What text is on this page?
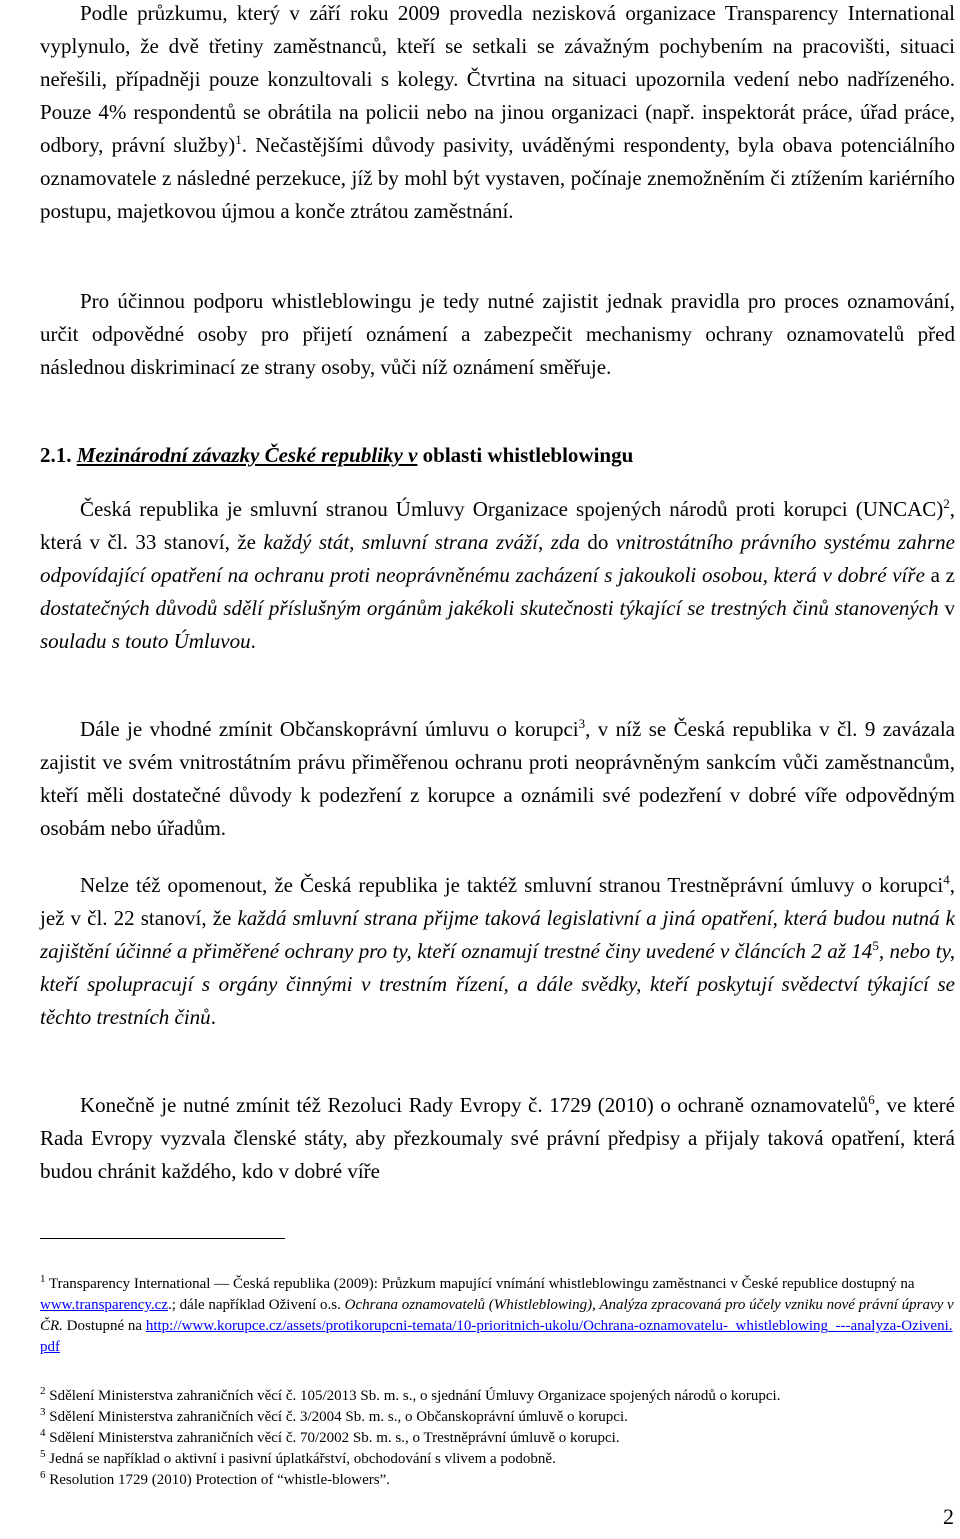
Podle průzkumu, který v září roku 2009 provedla nezisková organizace Transparency International vyplynulo, že dvě třetiny zaměstnanců, kteří se setkali se závažným pochybením na pracovišti, situaci neřešili, případněji pouze konzultovali s kolegy. Čtvrtina na situaci upozornila vedení nebo nadřízeného. Pouze 4% respondentů se obrátila na policii nebo na jinou organizaci (např. inspektorát práce, úřad práce, odbory, právní služby)$^1$. Nečastějšími důvody pasivity, uváděnými respondenty, byla obava potenciálního oznamovatele z následné perzekuce, jíž by mohl být vystaven, počínaje znemožněním či ztížením kariérního postupu, majetkovou újmou a konče ztrátou zaměstnání.

Pro účinnou podporu whistleblowingu je tedy nutné zajistit jednak pravidla pro proces oznamování, určit odpovědné osoby pro přijetí oznámení a zabezpečit mechanismy ochrany oznamovatelů před následnou diskriminací ze strany osoby, vůči níž oznámení směřuje.

2.1. Mezinárodní závazky České republiky v oblasti whistleblowingu

Česká republika je smluvní stranou Úmluvy Organizace spojených národů proti korupci (UNCAC)$^2$, která v čl. 33 stanoví, že každý stát, smluvní strana zváží, zda do vnitrostátního právního systému zahrne odpovídající opatření na ochranu proti neoprávněnému zacházení s jakoukoli osobou, která v dobré víře a z dostatečných důvodů sdělí příslušným orgánům jakékoli skutečnosti týkající se trestných činů stanovených v souladu s touto Úmluvou.

Dále je vhodné zmínit Občanskoprávní úmluvu o korupci$^3$, v níž se Česká republika v čl. 9 zavázala zajistit ve svém vnitrostátním právu přiměřenou ochranu proti neoprávněným sankcím vůči zaměstnancům, kteří měli dostatečné důvody k podezření z korupce a oznámili své podezření v dobré víře odpovědným osobám nebo úřadům.

Nelze též opomenout, že Česká republika je taktéž smluvní stranou Trestněprávní úmluvy o korupci$^4$, jež v čl. 22 stanoví, že každá smluvní strana přijme taková legislativní a jiná opatření, která budou nutná k zajištění účinné a přiměřené ochrany pro ty, kteří oznamují trestné činy uvedené v článcích 2 až $14^5$, nebo ty, kteří spolupracují s orgány činnými v trestním řízení, a dále svědky, kteří poskytují svědectví týkající se těchto trestních činů.

Konečně je nutné zmínit též Rezoluci Rady Evropy č. 1729 (2010) o ochraně oznamovatelů$^6$, ve které Rada Evropy vyzvala členské státy, aby přezkoumaly své právní předpisy a přijaly taková opatření, která budou chránit každého, kdo v dobré víře

$^1$ Transparency International — Česká republika (2009): Průzkum mapující vnímání whistleblowingu zaměstnanci v České republice dostupný na www.transparency.cz.; dále například Oživení o.s. Ochrana oznamovatelů (Whistleblowing), Analýza zpracovaná pro účely vzniku nové právní úpravy v ČR. Dostupné na http://www.korupce.cz/assets/protikorupcni-temata/10-prioritnich-ukolu/Ochrana-oznamovatelu-_whistleblowing_---analyza-Oziveni.pdf
$^2$ Sdělení Ministerstva zahraničních věcí č. 105/2013 Sb. m. s., o sjednání Úmluvy Organizace spojených národů o korupci.
$^3$ Sdělení Ministerstva zahraničních věcí č. 3/2004 Sb. m. s., o Občanskoprávní úmluvě o korupci.
$^4$ Sdělení Ministerstva zahraničních věcí č. 70/2002 Sb. m. s., o Trestněprávní úmluvě o korupci.
$^5$ Jedná se například o aktivní i pasivní úplatkářství, obchodování s vlivem a podobně.
$^6$ Resolution 1729 (2010) Protection of “whistle-blowers”.
2
